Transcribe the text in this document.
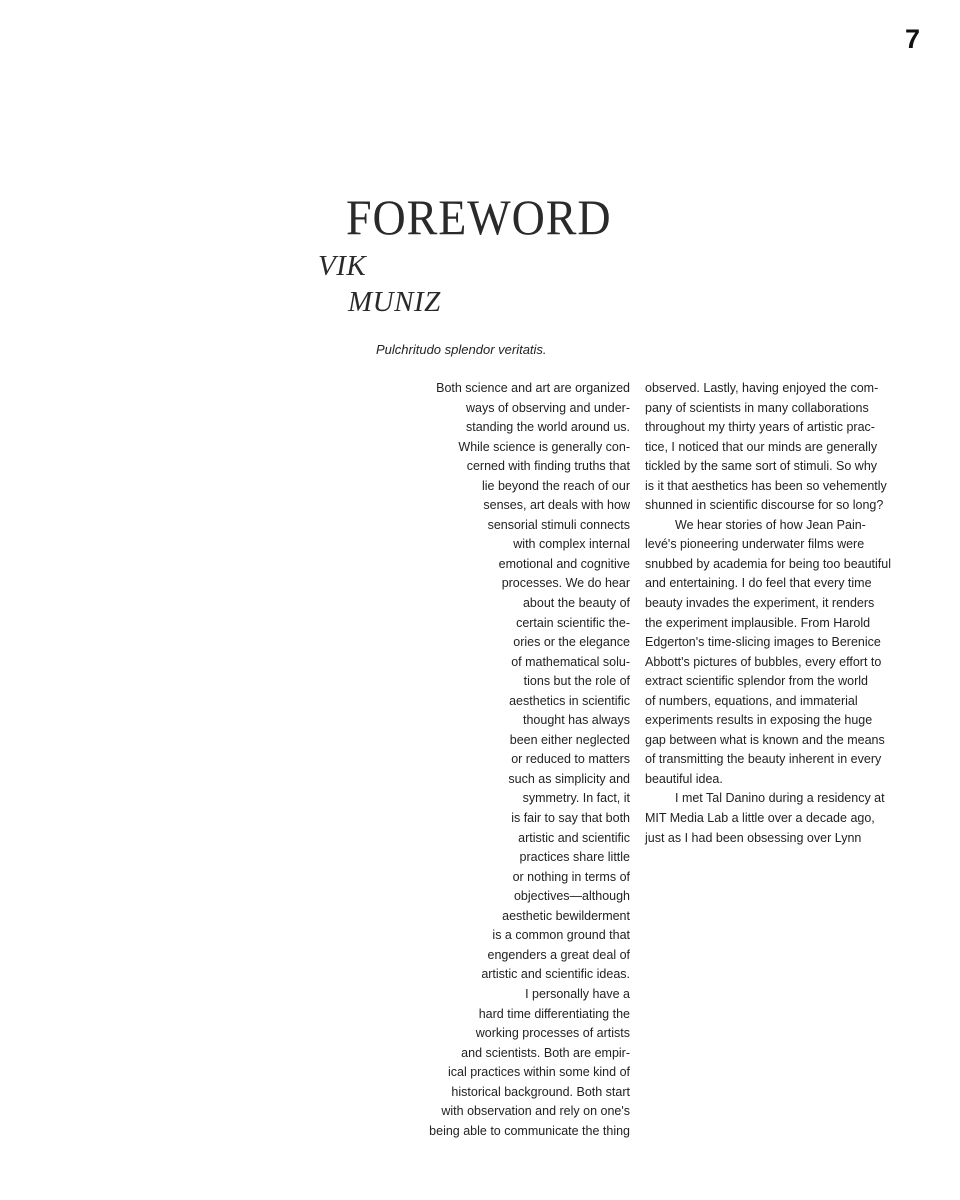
7
FOREWORD
VIK
MUNIZ
Pulchritudo splendor veritatis.
Both science and art are organized
ways of observing and under-
standing the world around us.
While science is generally con-
cerned with finding truths that
lie beyond the reach of our
senses, art deals with how
sensorial stimuli connects
with complex internal
emotional and cognitive
processes. We do hear
about the beauty of
certain scientific the-
ories or the elegance
of mathematical solu-
tions but the role of
aesthetics in scientific
thought has always
been either neglected
or reduced to matters
such as simplicity and
symmetry. In fact, it
is fair to say that both
artistic and scientific
practices share little
or nothing in terms of
objectives—although
aesthetic bewilderment
is a common ground that
engenders a great deal of
artistic and scientific ideas.
I personally have a
hard time differentiating the
working processes of artists
and scientists. Both are empir-
ical practices within some kind of
historical background. Both start
with observation and rely on one's
being able to communicate the thing
observed. Lastly, having enjoyed the com-
pany of scientists in many collaborations
throughout my thirty years of artistic prac-
tice, I noticed that our minds are generally
tickled by the same sort of stimuli. So why
is it that aesthetics has been so vehemently
shunned in scientific discourse for so long?
We hear stories of how Jean Pain-
levé's pioneering underwater films were
snubbed by academia for being too beautiful
and entertaining. I do feel that every time
beauty invades the experiment, it renders
the experiment implausible. From Harold
Edgerton's time-slicing images to Berenice
Abbott's pictures of bubbles, every effort to
extract scientific splendor from the world
of numbers, equations, and immaterial
experiments results in exposing the huge
gap between what is known and the means
of transmitting the beauty inherent in every
beautiful idea.
I met Tal Danino during a residency at
MIT Media Lab a little over a decade ago,
just as I had been obsessing over Lynn
